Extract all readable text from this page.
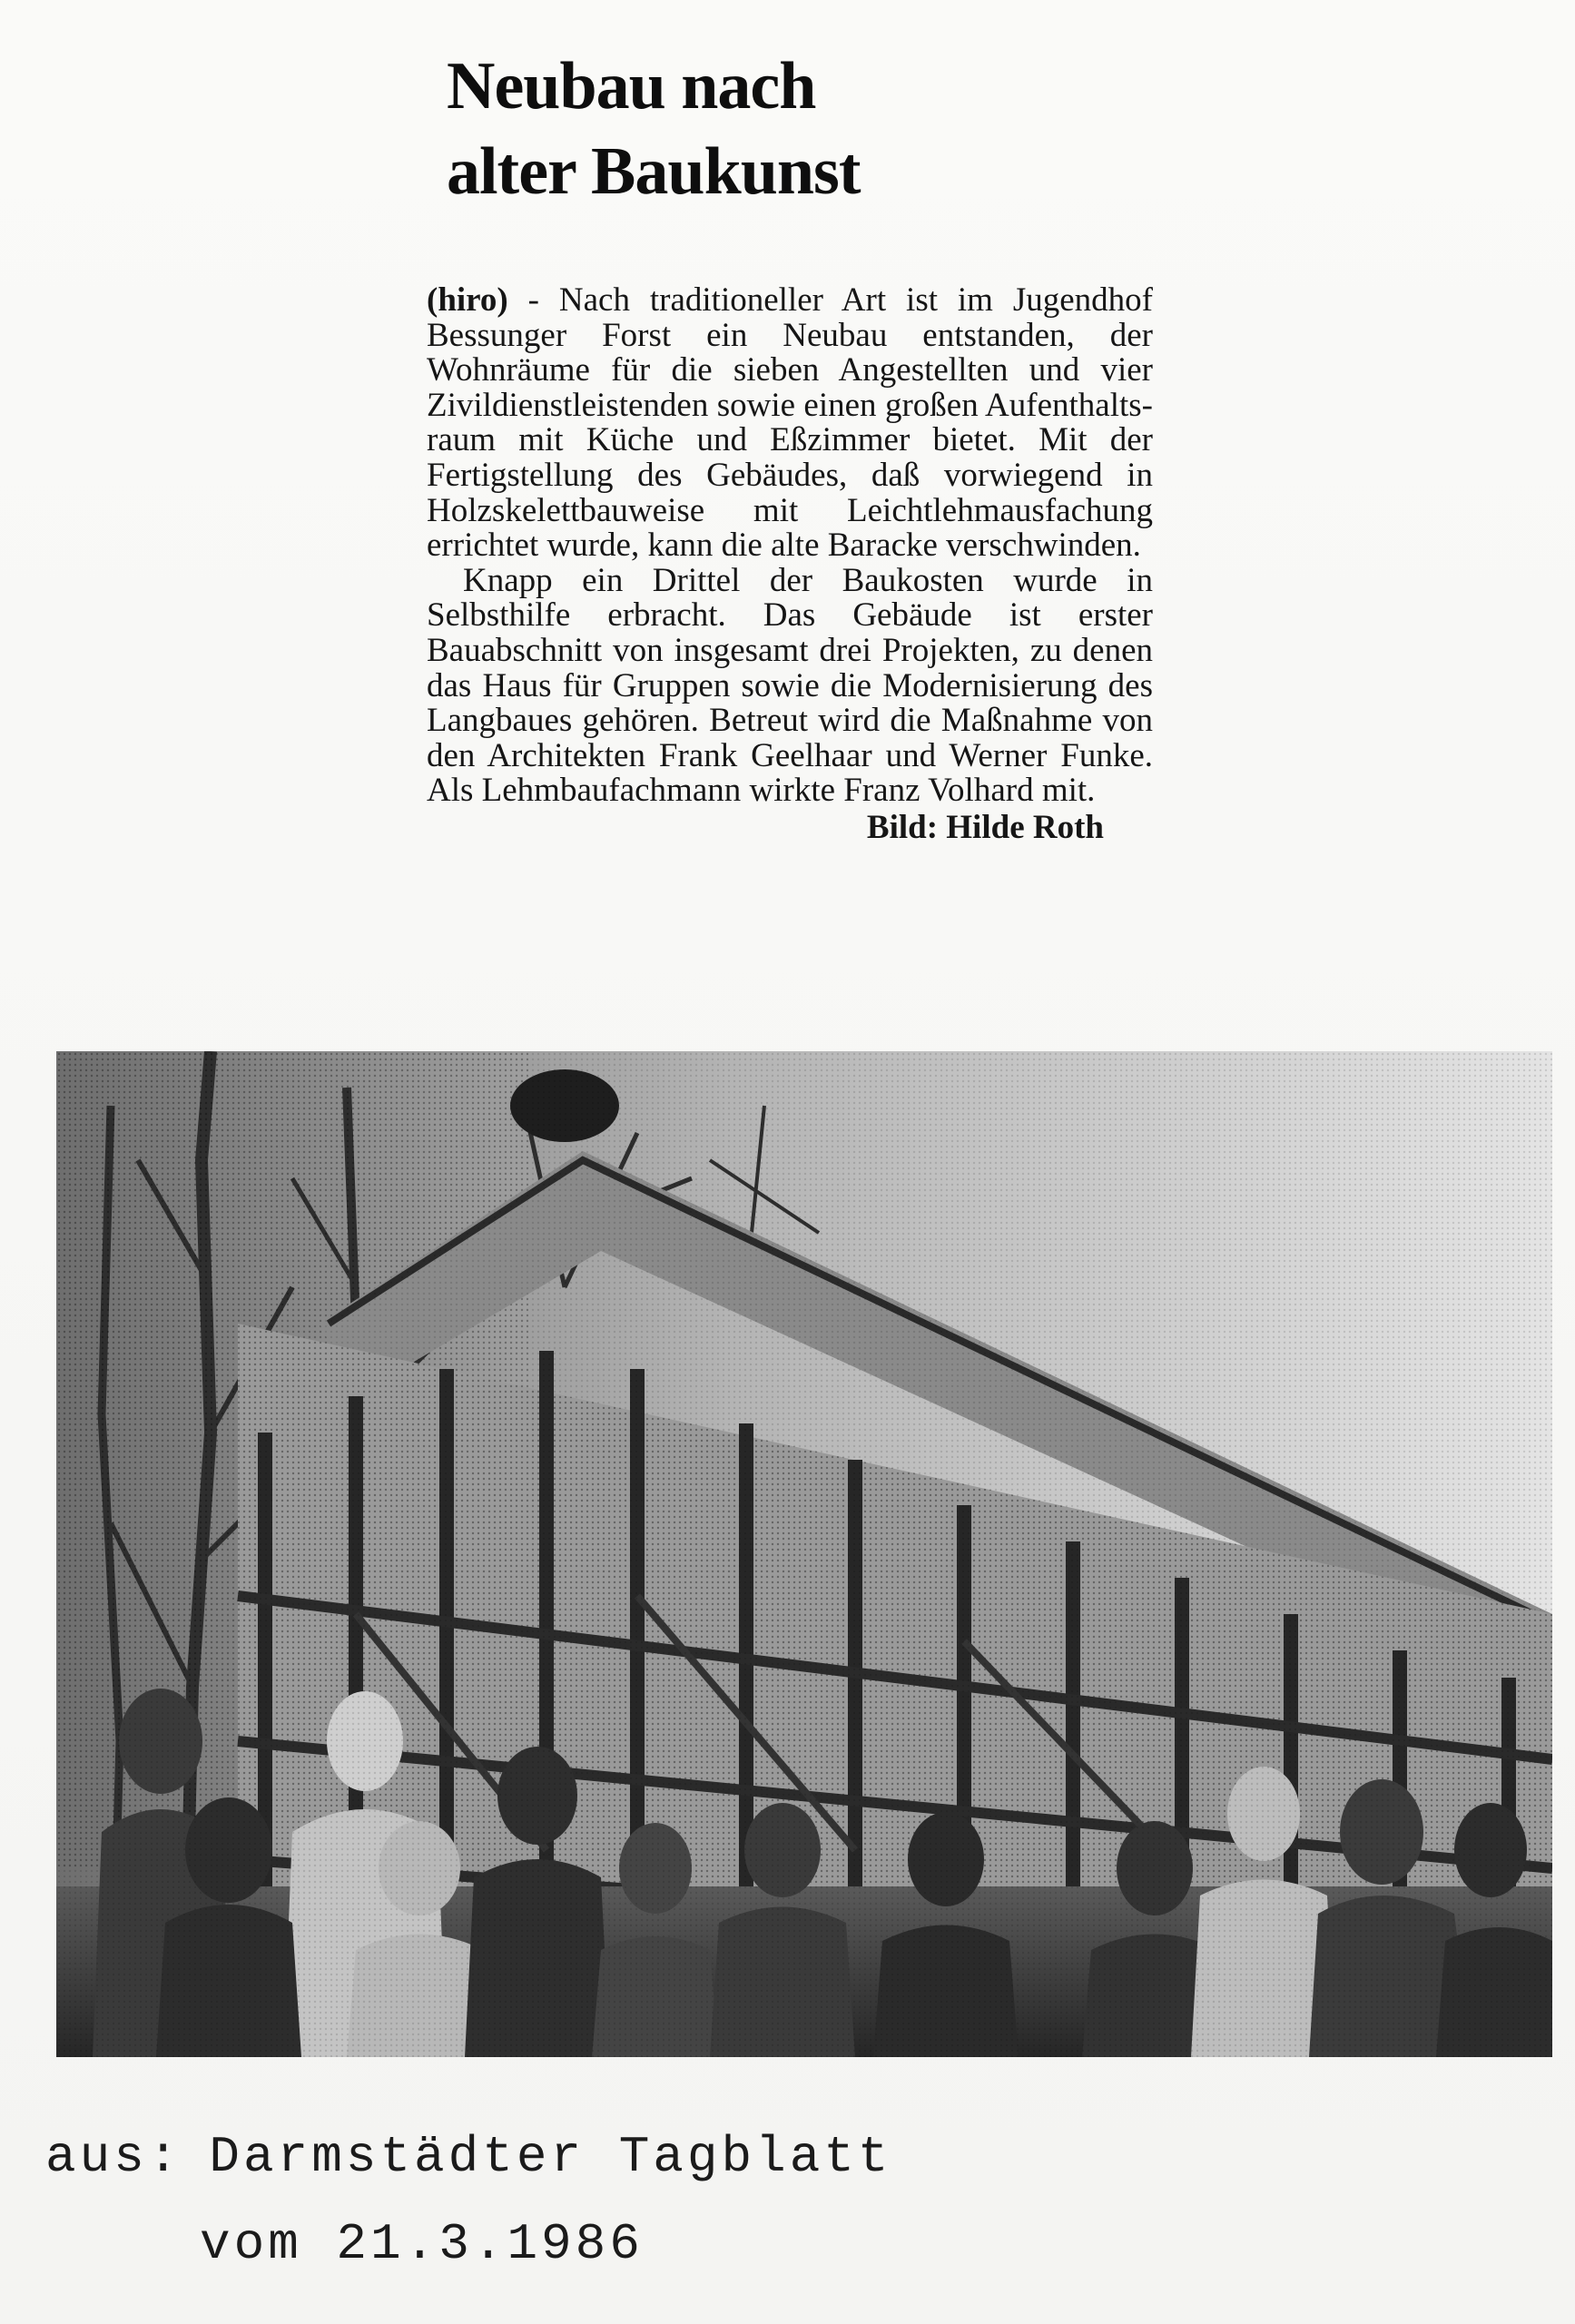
Neubau nach
alter Baukunst

(hiro) - Nach traditioneller Art ist im Jugendhof Bessunger Forst ein Neubau entstanden, der Wohnräume für die sieben Angestellten und vier Zivildienstleistenden sowie einen großen Aufenthaltsraum mit Küche und Eßzimmer bietet. Mit der Fertigstellung des Gebäudes, daß vorwiegend in Holzskelettbauweise mit Leichtlehmausfachung errichtet wurde, kann die alte Baracke verschwinden.

Knapp ein Drittel der Baukosten wurde in Selbsthilfe erbracht. Das Gebäude ist erster Bauabschnitt von insgesamt drei Projekten, zu denen das Haus für Gruppen sowie die Modernisierung des Langbaues gehören. Betreut wird die Maßnahme von den Architekten Frank Geelhaar und Werner Funke. Als Lehmbaufachmann wirkte Franz Volhard mit.

Bild: Hilde Roth
aus: Darmstädter Tagblatt
vom 21.3.1986
